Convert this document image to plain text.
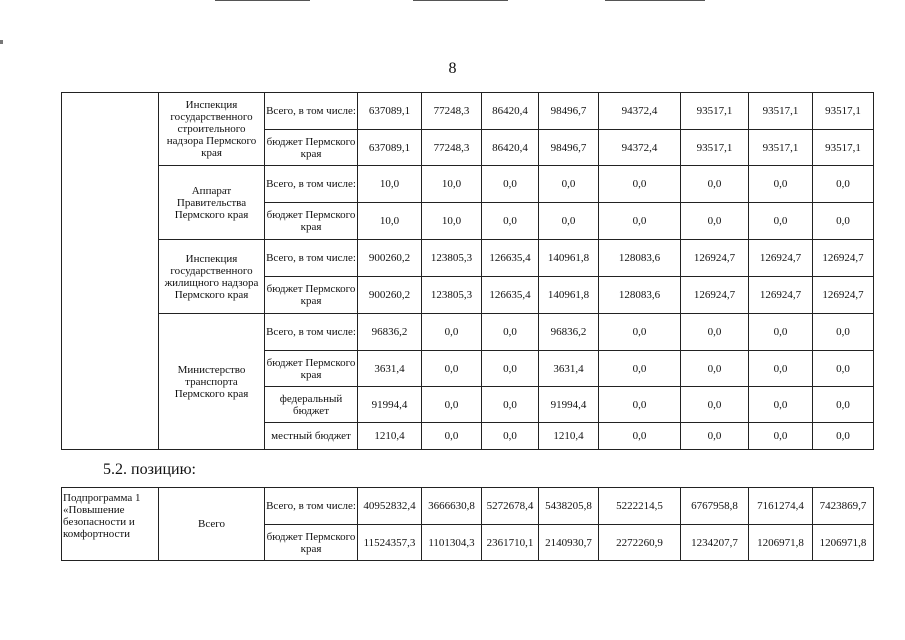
8
	Инспекция государственного строительного надзора Пермского края	Всего, в том числе:	637089,1	77248,3	86420,4	98496,7	94372,4	93517,1	93517,1	93517,1
		бюджет Пермского края	637089,1	77248,3	86420,4	98496,7	94372,4	93517,1	93517,1	93517,1
	Аппарат Правительства Пермского края	Всего, в том числе:	10,0	10,0	0,0	0,0	0,0	0,0	0,0	0,0
		бюджет Пермского края	10,0	10,0	0,0	0,0	0,0	0,0	0,0	0,0
	Инспекция государственного жилищного надзора Пермского края	Всего, в том числе:	900260,2	123805,3	126635,4	140961,8	128083,6	126924,7	126924,7	126924,7
		бюджет Пермского края	900260,2	123805,3	126635,4	140961,8	128083,6	126924,7	126924,7	126924,7
	Министерство транспорта Пермского края	Всего, в том числе:	96836,2	0,0	0,0	96836,2	0,0	0,0	0,0	0,0
		бюджет Пермского края	3631,4	0,0	0,0	3631,4	0,0	0,0	0,0	0,0
		федеральный бюджет	91994,4	0,0	0,0	91994,4	0,0	0,0	0,0	0,0
		местный бюджет	1210,4	0,0	0,0	1210,4	0,0	0,0	0,0	0,0
5.2. позицию:
Подпрограмма 1 «Повышение безопасности и комфортности	Всего	Всего, в том числе:	40952832,4	3666630,8	5272678,4	5438205,8	5222214,5	6767958,8	7161274,4	7423869,7
		бюджет Пермского края	11524357,3	1101304,3	2361710,1	2140930,7	2272260,9	1234207,7	1206971,8	1206971,8
